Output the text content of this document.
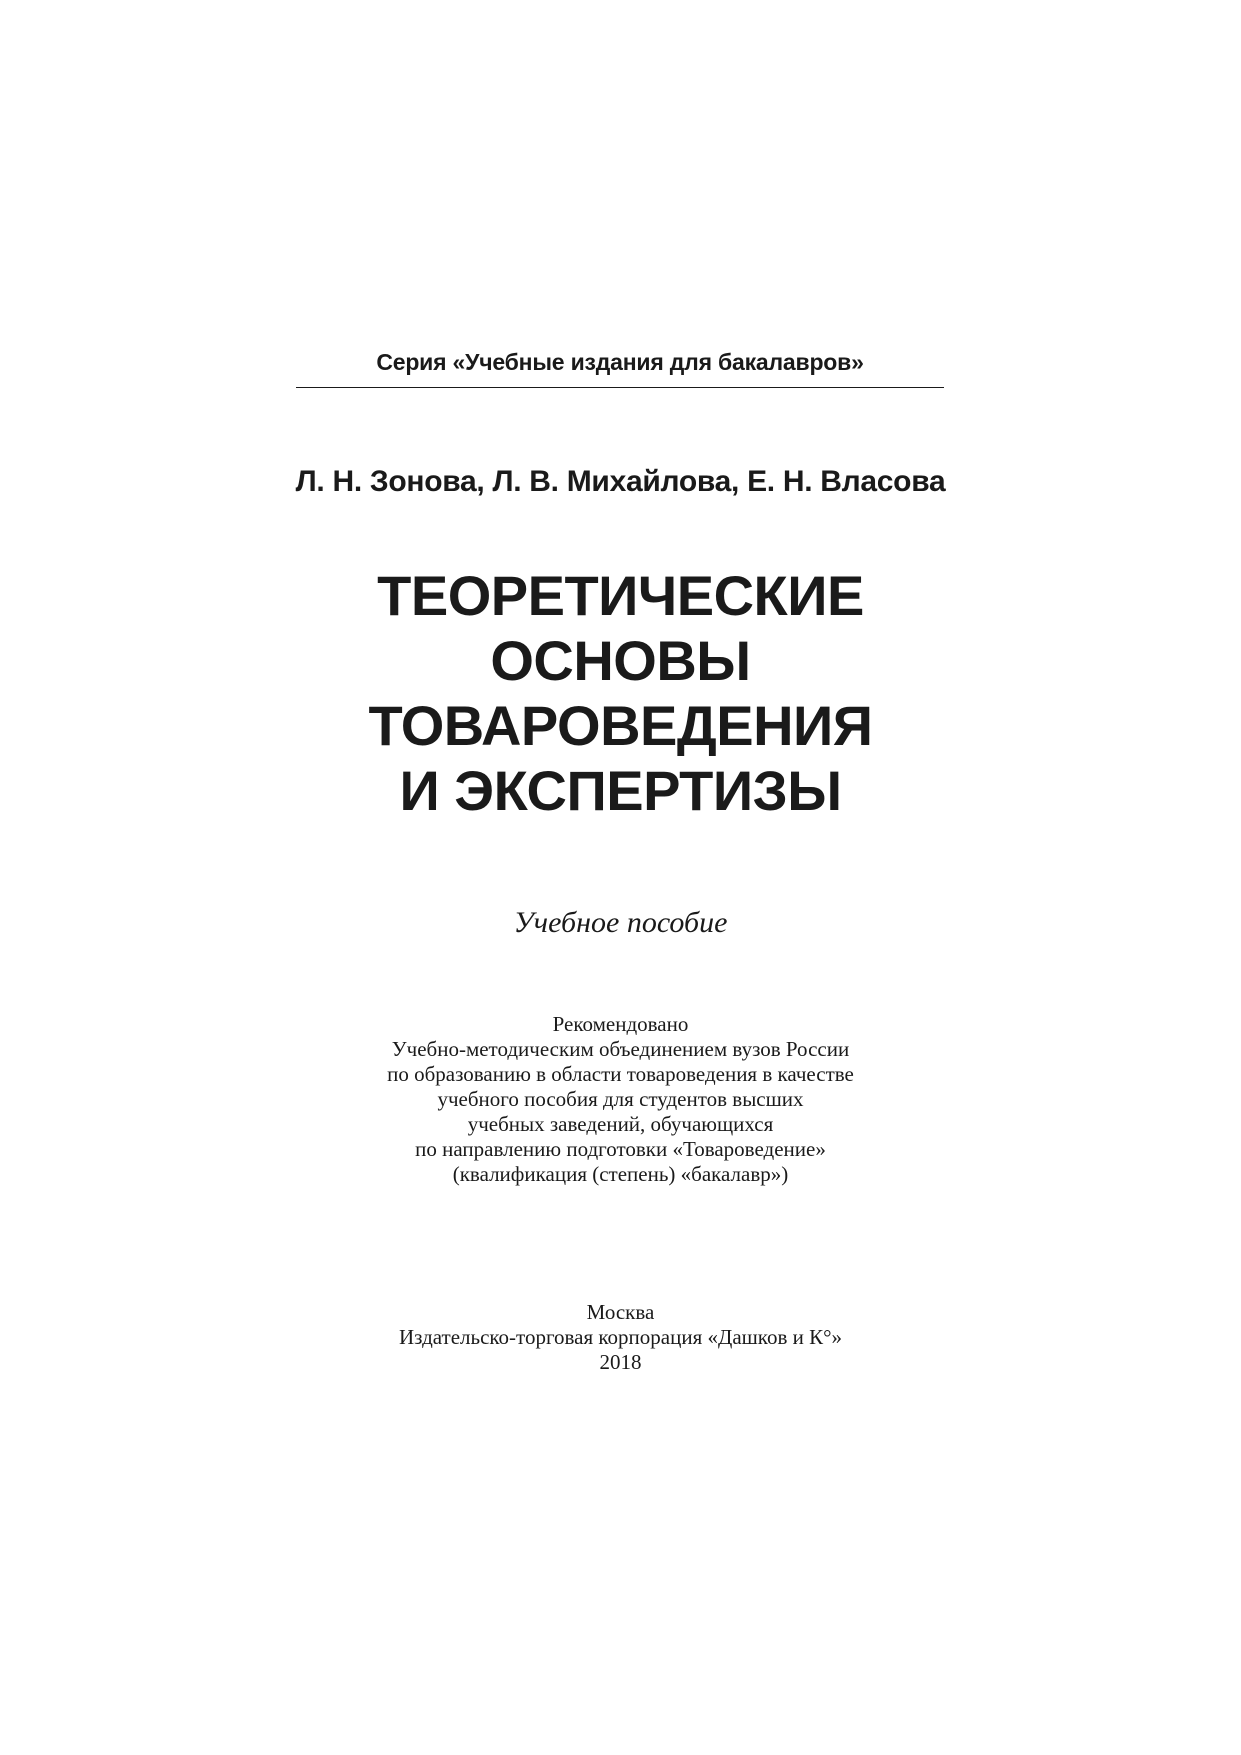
Серия «Учебные издания для бакалавров»
Л. Н. Зонова, Л. В. Михайлова, Е. Н. Власова
ТЕОРЕТИЧЕСКИЕ
ОСНОВЫ
ТОВАРОВЕДЕНИЯ
И ЭКСПЕРТИЗЫ
Учебное пособие
Рекомендовано
Учебно-методическим объединением вузов России
по образованию в области товароведения в качестве
учебного пособия для студентов высших
учебных заведений, обучающихся
по направлению подготовки «Товароведение»
(квалификация (степень) «бакалавр»)
Москва
Издательско-торговая корпорация «Дашков и К°»
2018
